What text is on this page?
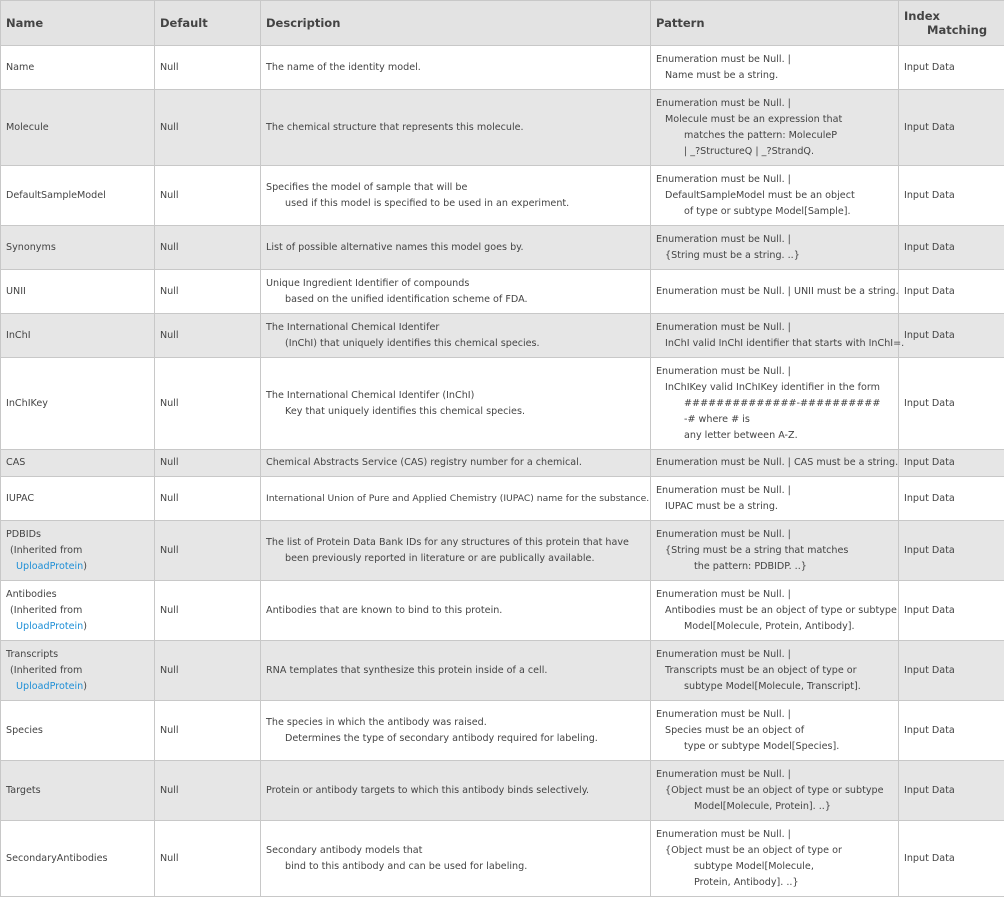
Name	Default	Description	Pattern	Index
Matching

Name	Null	The name of the identity model.	Enumeration must be Null. |
Name must be a string.	Input Data

Molecule	Null	The chemical structure that represents this molecule.	Enumeration must be Null. |
Molecule must be an expression that
matches the pattern: MoleculeP
| _?StructureQ | _?StrandQ.	Input Data

DefaultSampleModel	Null	Specifies the model of sample that will be
used if this model is specified to be used in an experiment.	Enumeration must be Null. |
DefaultSampleModel must be an object
of type or subtype Model[Sample].	Input Data

Synonyms	Null	List of possible alternative names this model goes by.	Enumeration must be Null. |
{String must be a string. ..}	Input Data

UNII	Null	Unique Ingredient Identifier of compounds
based on the unified identification scheme of FDA.	Enumeration must be Null. | UNII must be a string.	Input Data

InChI	Null	The International Chemical Identifer
(InChI) that uniquely identifies this chemical species.	Enumeration must be Null. |
InChI valid InChI identifier that starts with InChI=.	Input Data

InChIKey	Null	The International Chemical Identifer (InChI)
Key that uniquely identifies this chemical species.	Enumeration must be Null. |
InChIKey valid InChIKey identifier in the form
##############-##########
-# where # is
any letter between A-Z.	Input Data

CAS	Null	Chemical Abstracts Service (CAS) registry number for a chemical.	Enumeration must be Null. | CAS must be a string.	Input Data

IUPAC	Null	International Union of Pure and Applied Chemistry (IUPAC) name for the substance.	Enumeration must be Null. |
IUPAC must be a string.	Input Data

PDBIDs
(Inherited from
UploadProtein)	Null	The list of Protein Data Bank IDs for any structures of this protein that have
been previously reported in literature or are publically available.	Enumeration must be Null. |
{String must be a string that matches
the pattern: PDBIDP. ..}	Input Data

Antibodies
(Inherited from
UploadProtein)	Null	Antibodies that are known to bind to this protein.	Enumeration must be Null. |
Antibodies must be an object of type or subtype
Model[Molecule, Protein, Antibody].	Input Data

Transcripts
(Inherited from
UploadProtein)	Null	RNA templates that synthesize this protein inside of a cell.	Enumeration must be Null. |
Transcripts must be an object of type or
subtype Model[Molecule, Transcript].	Input Data

Species	Null	The species in which the antibody was raised.
Determines the type of secondary antibody required for labeling.	Enumeration must be Null. |
Species must be an object of
type or subtype Model[Species].	Input Data

Targets	Null	Protein or antibody targets to which this antibody binds selectively.	Enumeration must be Null. |
{Object must be an object of type or subtype
Model[Molecule, Protein]. ..}	Input Data

SecondaryAntibodies	Null	Secondary antibody models that
bind to this antibody and can be used for labeling.	Enumeration must be Null. |
{Object must be an object of type or
subtype Model[Molecule,
Protein, Antibody]. ..}	Input Data
